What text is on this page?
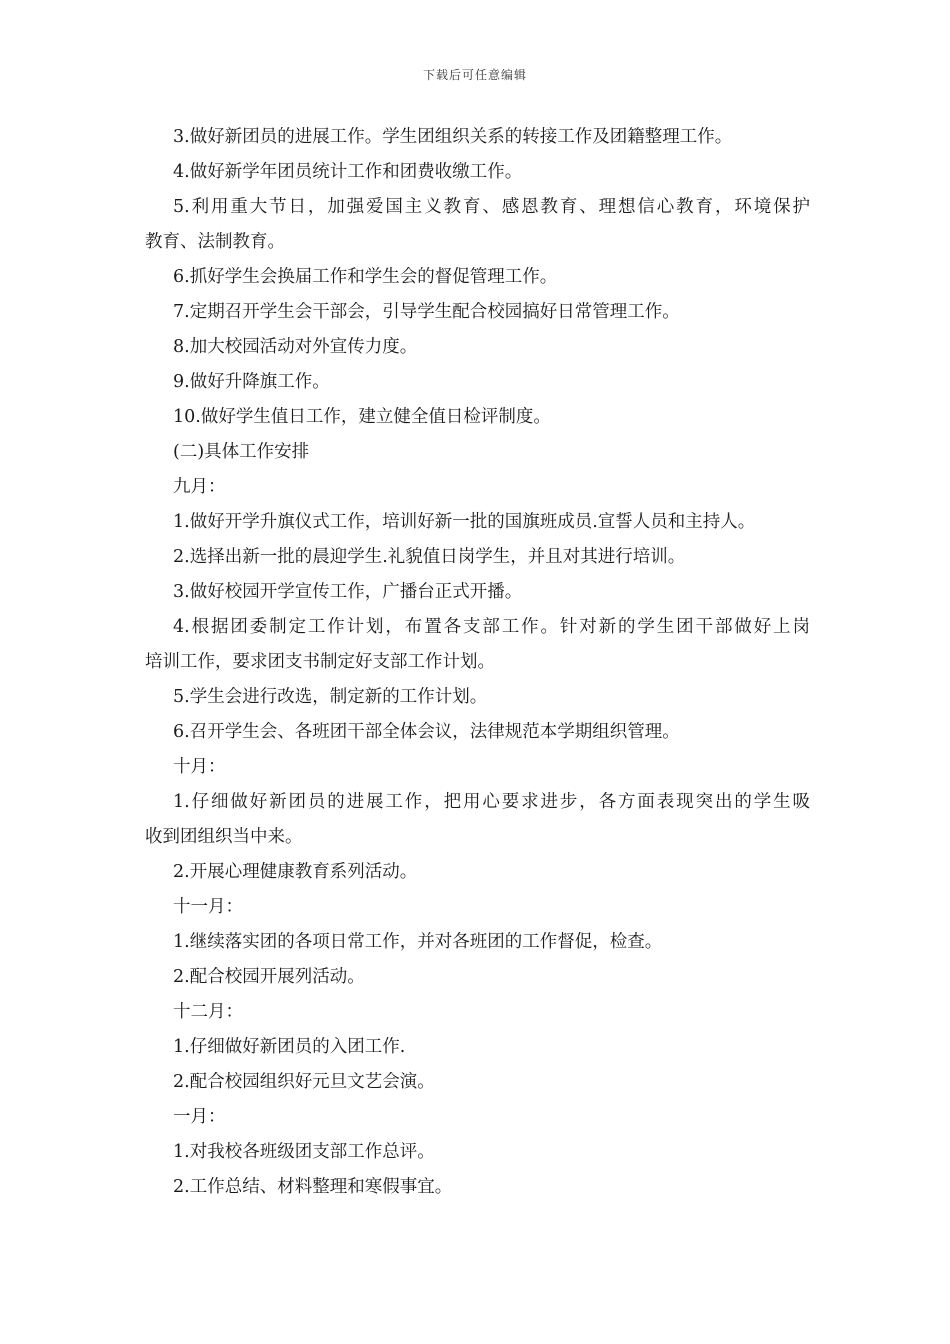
下载后可任意编辑
3.做好新团员的进展工作。学生团组织关系的转接工作及团籍整理工作。
4.做好新学年团员统计工作和团费收缴工作。
5.利用重大节日，加强爱国主义教育、感恩教育、理想信心教育，环境保护
教育、法制教育。
6.抓好学生会换届工作和学生会的督促管理工作。
7.定期召开学生会干部会，引导学生配合校园搞好日常管理工作。
8.加大校园活动对外宣传力度。
9.做好升降旗工作。
10.做好学生值日工作，建立健全值日检评制度。
(二)具体工作安排
九月：
1.做好开学升旗仪式工作，培训好新一批的国旗班成员.宣誓人员和主持人。
2.选择出新一批的晨迎学生.礼貌值日岗学生，并且对其进行培训。
3.做好校园开学宣传工作，广播台正式开播。
4.根据团委制定工作计划，布置各支部工作。针对新的学生团干部做好上岗
培训工作，要求团支书制定好支部工作计划。
5.学生会进行改选，制定新的工作计划。
6.召开学生会、各班团干部全体会议，法律规范本学期组织管理。
十月：
1.仔细做好新团员的进展工作，把用心要求进步，各方面表现突出的学生吸
收到团组织当中来。
2.开展心理健康教育系列活动。
十一月：
1.继续落实团的各项日常工作，并对各班团的工作督促，检查。
2.配合校园开展列活动。
十二月：
1.仔细做好新团员的入团工作.
2.配合校园组织好元旦文艺会演。
一月：
1.对我校各班级团支部工作总评。
2.工作总结、材料整理和寒假事宜。
